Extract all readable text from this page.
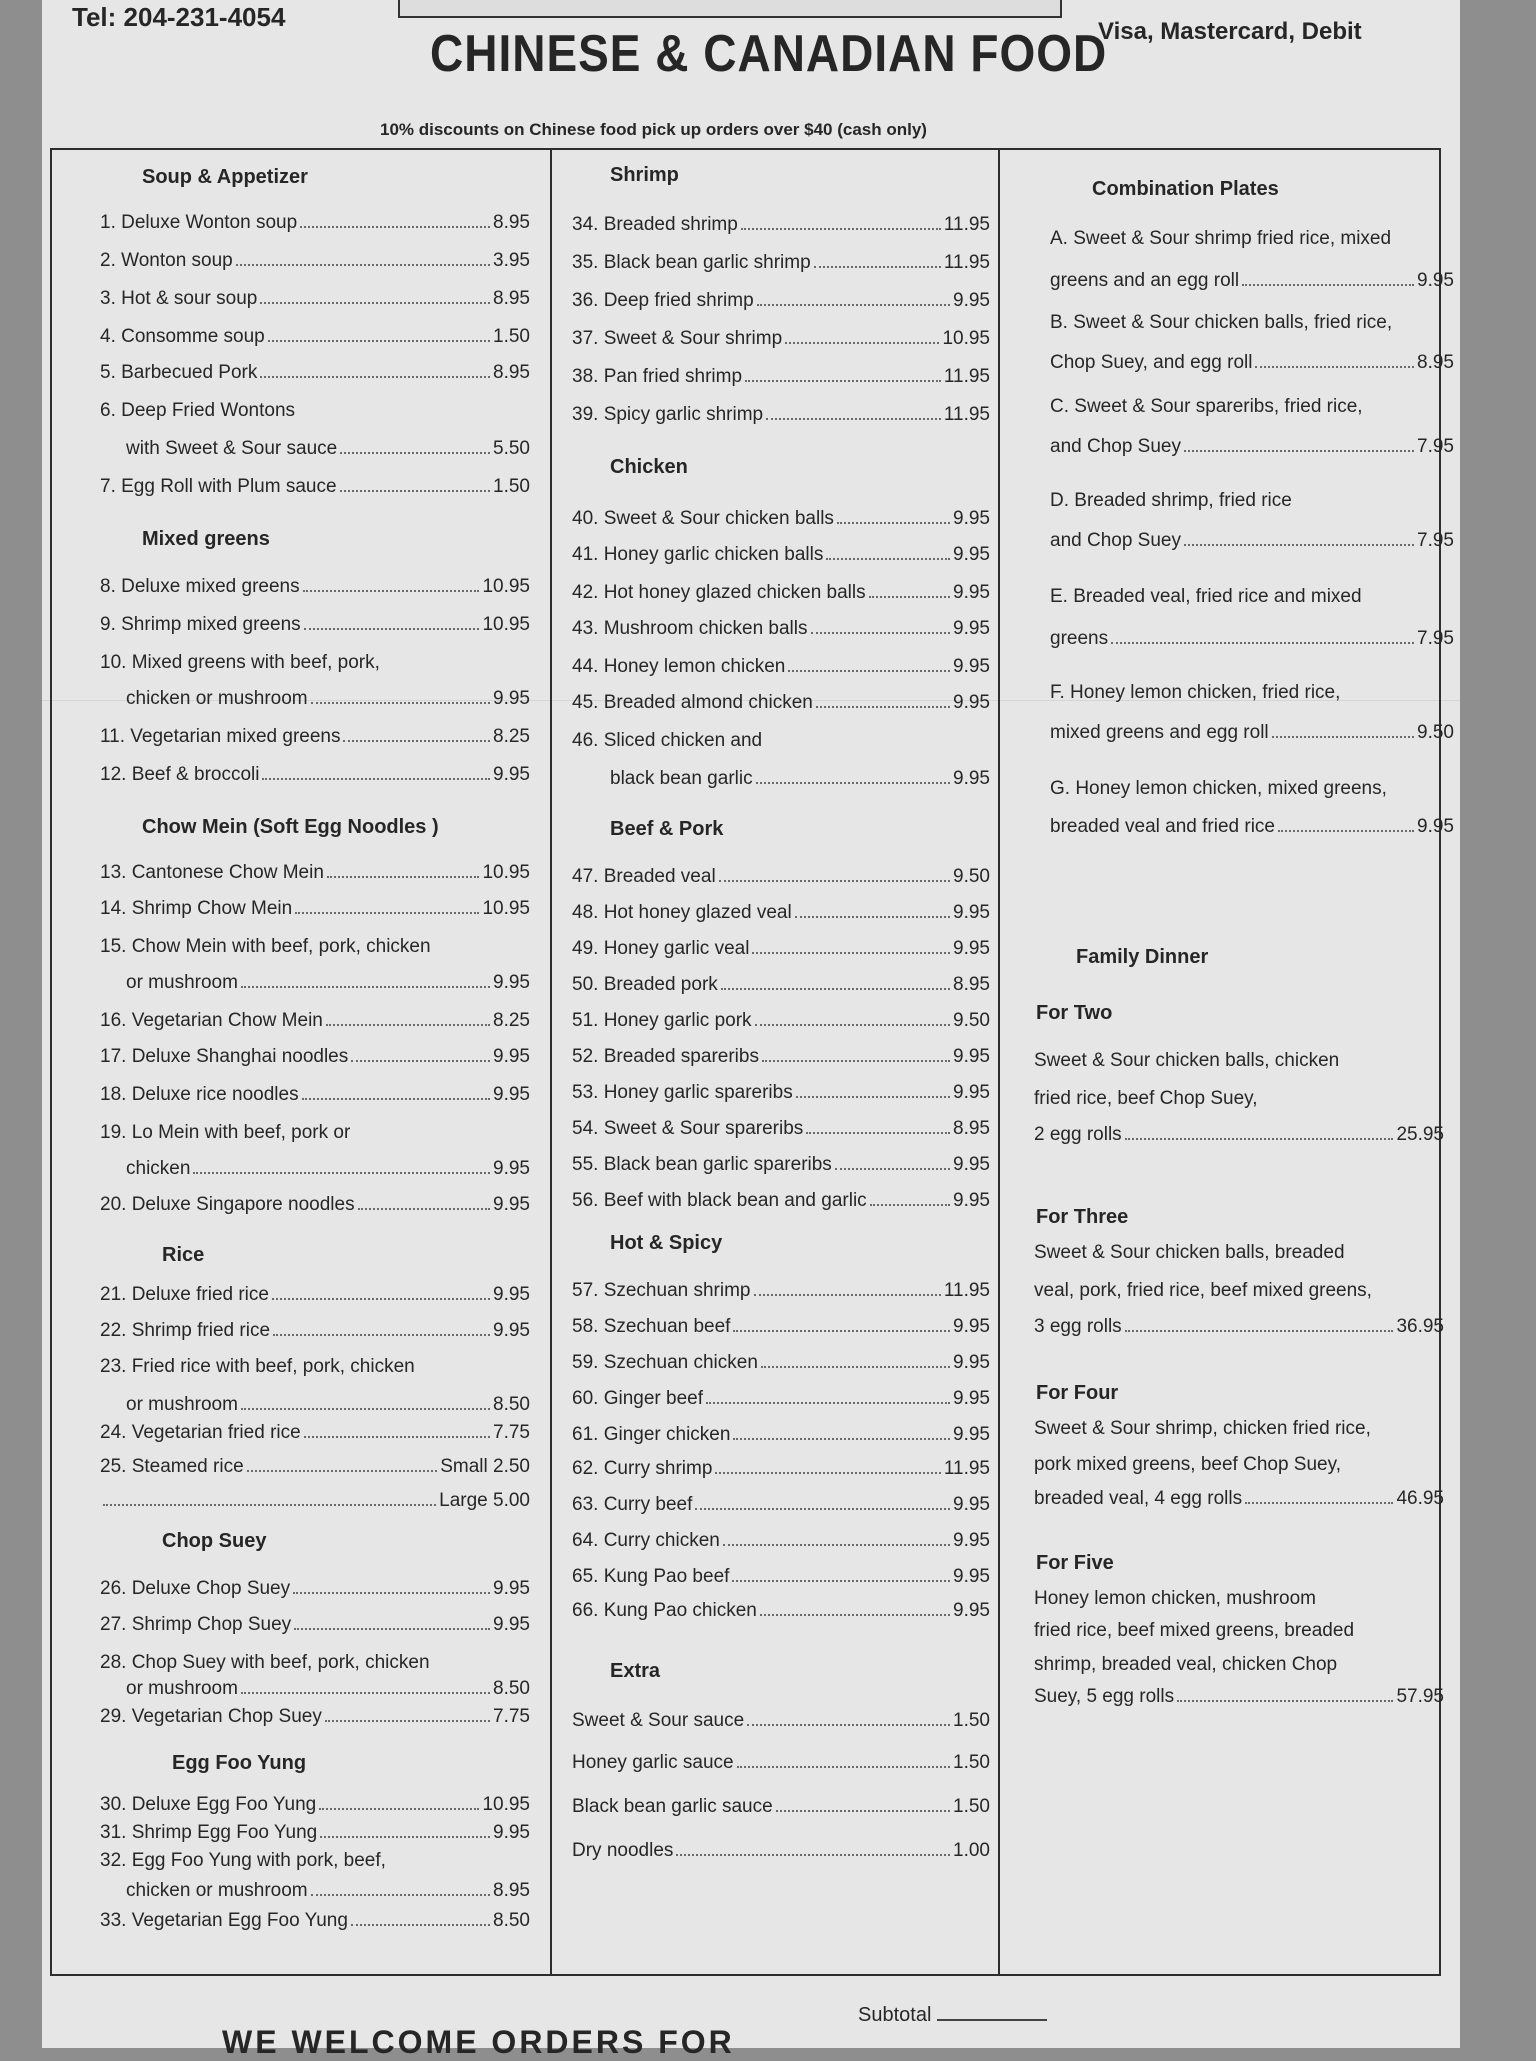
Tel: 204-231-4054
CHINESE & CANADIAN FOOD
Visa, Mastercard, Debit
10% discounts on Chinese food pick up orders over $40 (cash only)
Soup & Appetizer
1. Deluxe Wonton soup	8.95
2. Wonton soup	3.95
3. Hot & sour soup	8.95
4. Consomme soup	1.50
5. Barbecued Pork	8.95
6. Deep Fried Wontons
with Sweet & Sour sauce	5.50
7. Egg Roll with Plum sauce	1.50
Mixed greens
8. Deluxe mixed greens	10.95
9. Shrimp mixed greens	10.95
10. Mixed greens with beef, pork,
chicken or mushroom	9.95
11. Vegetarian mixed greens	8.25
12. Beef & broccoli	9.95
Chow Mein (Soft Egg Noodles )
13. Cantonese Chow Mein	10.95
14. Shrimp Chow Mein	10.95
15. Chow Mein with beef, pork, chicken
or mushroom	9.95
16. Vegetarian Chow Mein	8.25
17. Deluxe Shanghai noodles	9.95
18. Deluxe rice noodles	9.95
19. Lo Mein with beef, pork or
chicken	9.95
20. Deluxe Singapore noodles	9.95
Rice
21. Deluxe fried rice	9.95
22. Shrimp fried rice	9.95
23. Fried rice with beef, pork, chicken
or mushroom	8.50
24. Vegetarian fried rice	7.75
25. Steamed rice	Small 2.50
Large 5.00
Chop Suey
26. Deluxe Chop Suey	9.95
27. Shrimp Chop Suey	9.95
28. Chop Suey with beef, pork, chicken
or mushroom	8.50
29. Vegetarian Chop Suey	7.75
Egg Foo Yung
30. Deluxe Egg Foo Yung	10.95
31. Shrimp Egg Foo Yung	9.95
32. Egg Foo Yung with pork, beef,
chicken or mushroom	8.95
33. Vegetarian Egg Foo Yung	8.50
Shrimp
34. Breaded shrimp	11.95
35. Black bean garlic shrimp	11.95
36. Deep fried shrimp	9.95
37. Sweet & Sour shrimp	10.95
38. Pan fried shrimp	11.95
39. Spicy garlic shrimp	11.95
Chicken
40. Sweet & Sour chicken balls	9.95
41. Honey garlic chicken balls	9.95
42. Hot honey glazed chicken balls	9.95
43. Mushroom chicken balls	9.95
44. Honey lemon chicken	9.95
45. Breaded almond chicken	9.95
46. Sliced chicken and
black bean garlic	9.95
Beef & Pork
47. Breaded veal	9.50
48. Hot honey glazed veal	9.95
49. Honey garlic veal	9.95
50. Breaded pork	8.95
51. Honey garlic pork	9.50
52. Breaded spareribs	9.95
53. Honey garlic spareribs	9.95
54. Sweet & Sour spareribs	8.95
55. Black bean garlic spareribs	9.95
56. Beef with black bean and garlic	9.95
Hot & Spicy
57. Szechuan shrimp	11.95
58. Szechuan beef	9.95
59. Szechuan chicken	9.95
60. Ginger beef	9.95
61. Ginger chicken	9.95
62. Curry shrimp	11.95
63. Curry beef	9.95
64. Curry chicken	9.95
65. Kung Pao beef	9.95
66. Kung Pao chicken	9.95
Extra
Sweet & Sour sauce	1.50
Honey garlic sauce	1.50
Black bean garlic sauce	1.50
Dry noodles	1.00
Combination Plates
A. Sweet & Sour shrimp fried rice, mixed
greens and an egg roll	9.95
B. Sweet & Sour chicken balls, fried rice,
Chop Suey, and egg roll	8.95
C. Sweet & Sour spareribs, fried rice,
and Chop Suey	7.95
D. Breaded shrimp, fried rice
and Chop Suey	7.95
E. Breaded veal, fried rice and mixed
greens	7.95
F. Honey lemon chicken, fried rice,
mixed greens and egg roll	9.50
G. Honey lemon chicken, mixed greens,
breaded veal and fried rice	9.95
Family Dinner
For Two
Sweet & Sour chicken balls, chicken
fried rice, beef Chop Suey,
2 egg rolls	25.95
For Three
Sweet & Sour chicken balls, breaded
veal, pork, fried rice, beef mixed greens,
3 egg rolls	36.95
For Four
Sweet & Sour shrimp, chicken fried rice,
pork mixed greens, beef Chop Suey,
breaded veal, 4 egg rolls	46.95
For Five
Honey lemon chicken, mushroom
fried rice, beef mixed greens, breaded
shrimp, breaded veal, chicken Chop
Suey, 5 egg rolls	57.95
Subtotal
WE WELCOME ORDERS FOR
